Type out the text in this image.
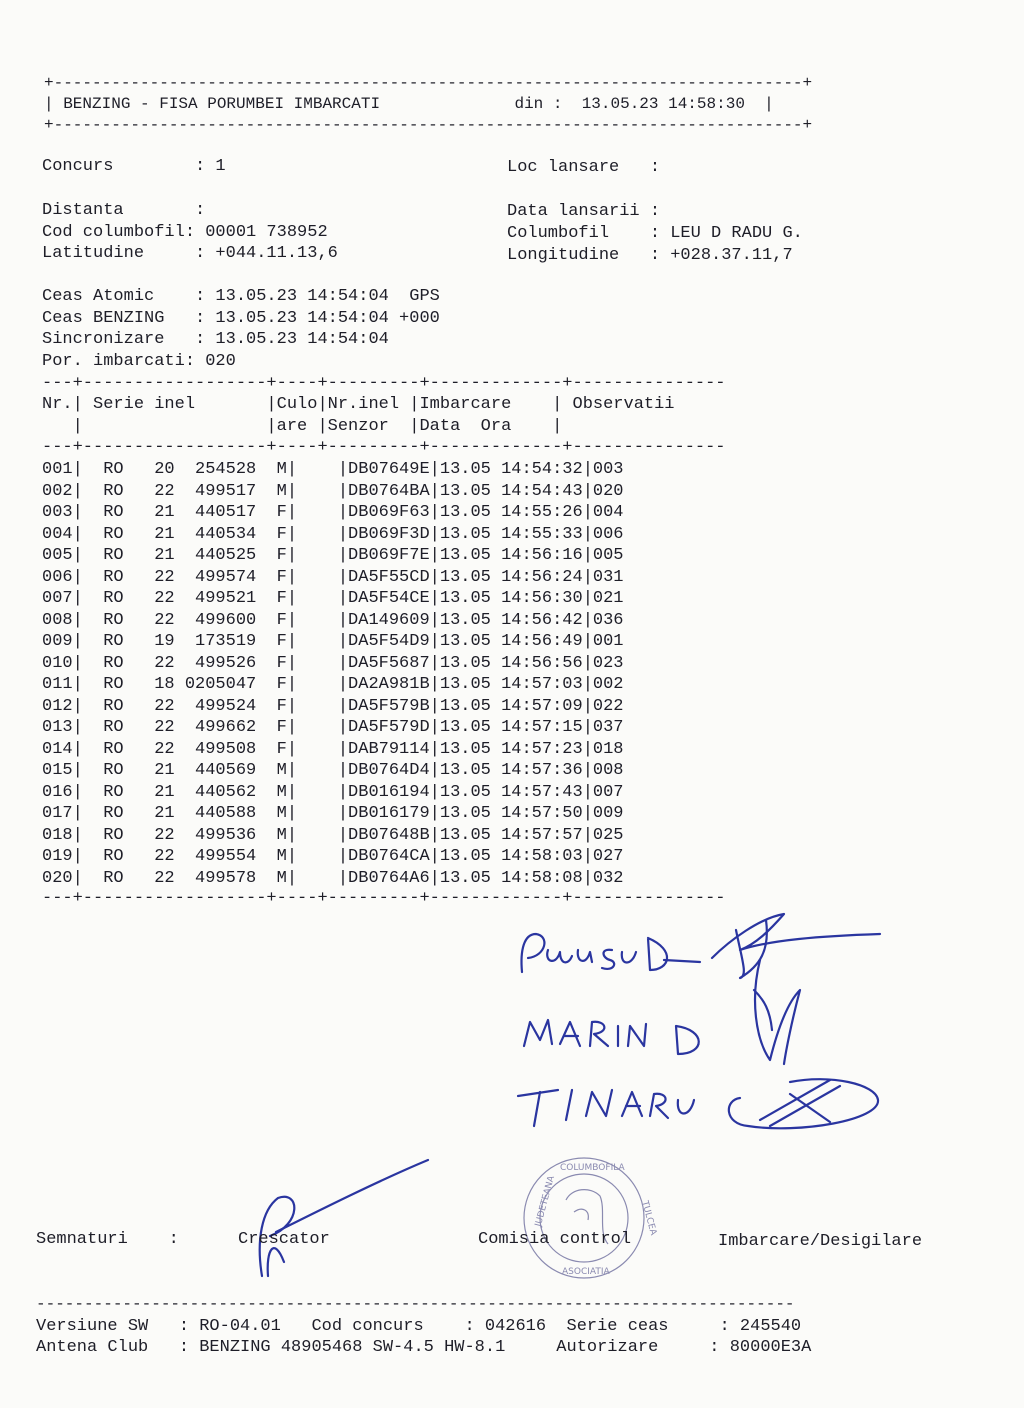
+------------------------------------------------------------------------------+
| BENZING - FISA PORUMBEI IMBARCATI              din :  13.05.23 14:58:30  |
+------------------------------------------------------------------------------+
Concurs        : 1	Loc lansare   :
Distanta       :	Data lansarii :
Cod columbofil: 00001 738952	Columbofil    : LEU D RADU G.
Latitudine     : +044.11.13,6	Longitudine   : +028.37.11,7
Ceas Atomic    : 13.05.23 14:54:04  GPS
Ceas BENZING   : 13.05.23 14:54:04 +000
Sincronizare   : 13.05.23 14:54:04
Por. imbarcati: 020
---+------------------+----+---------+-------------+---------------
Nr.| Serie inel       |Culo|Nr.inel |Imbarcare    | Observatii
|                  |are |Senzor  |Data  Ora    |
---+------------------+----+---------+-------------+---------------
001|  RO   20  254528  M|    |DB07649E|13.05 14:54:32|003
002|  RO   22  499517  M|    |DB0764BA|13.05 14:54:43|020
003|  RO   21  440517  F|    |DB069F63|13.05 14:55:26|004
004|  RO   21  440534  F|    |DB069F3D|13.05 14:55:33|006
005|  RO   21  440525  F|    |DB069F7E|13.05 14:56:16|005
006|  RO   22  499574  F|    |DA5F55CD|13.05 14:56:24|031
007|  RO   22  499521  F|    |DA5F54CE|13.05 14:56:30|021
008|  RO   22  499600  F|    |DA149609|13.05 14:56:42|036
009|  RO   19  173519  F|    |DA5F54D9|13.05 14:56:49|001
010|  RO   22  499526  F|    |DA5F5687|13.05 14:56:56|023
011|  RO   18 0205047  F|    |DA2A981B|13.05 14:57:03|002
012|  RO   22  499524  F|    |DA5F579B|13.05 14:57:09|022
013|  RO   22  499662  F|    |DA5F579D|13.05 14:57:15|037
014|  RO   22  499508  F|    |DAB79114|13.05 14:57:23|018
015|  RO   21  440569  M|    |DB0764D4|13.05 14:57:36|008
016|  RO   21  440562  M|    |DB016194|13.05 14:57:43|007
017|  RO   21  440588  M|    |DB016179|13.05 14:57:50|009
018|  RO   22  499536  M|    |DB07648B|13.05 14:57:57|025
019|  RO   22  499554  M|    |DB0764CA|13.05 14:58:03|027
020|  RO   22  499578  M|    |DB0764A6|13.05 14:58:08|032
---+------------------+----+---------+-------------+---------------
COLUMBOFILA
JUDETEANA
ASOCIATIA
TULCEA
Semnaturi    :	Crescator	Comisia control	Imbarcare/Desigilare
-------------------------------------------------------------------------------
Versiune SW   : RO-04.01   Cod concurs    : 042616  Serie ceas     : 245540
Antena Club   : BENZING 48905468 SW-4.5 HW-8.1     Autorizare     : 80000E3A
